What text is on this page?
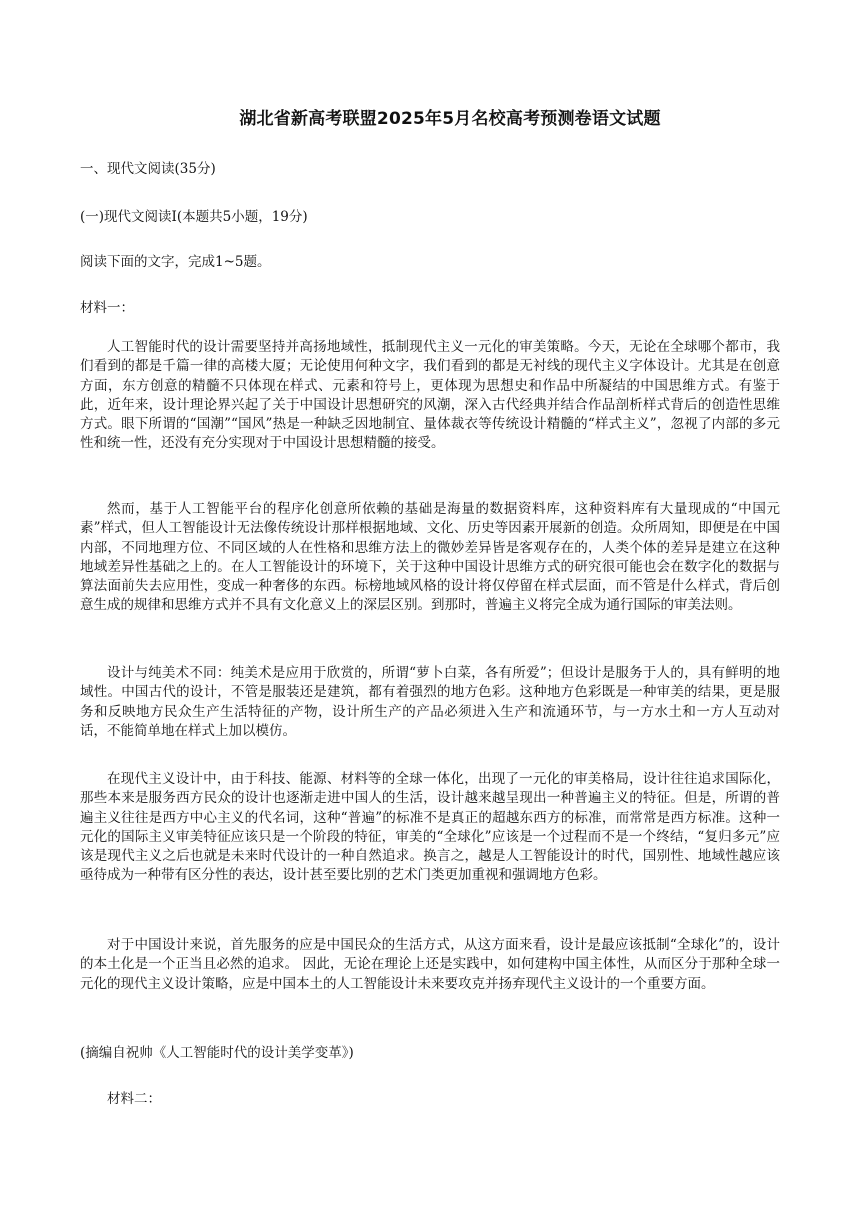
湖北省新高考联盟2025年5月名校高考预测卷语文试题
一、现代文阅读(35分)
(一)现代文阅读Ⅰ(本题共5小题，19分)
阅读下面的文字，完成1~5题。
材料一：

人工智能时代的设计需要坚持并高扬地域性，抵制现代主义一元化的审美策略。今天，无论在全球哪个都市，我们看到的都是千篇一律的高楼大厦；无论使用何种文字，我们看到的都是无衬线的现代主义字体设计。尤其是在创意方面，东方创意的精髓不只体现在样式、元素和符号上，更体现为思想史和作品中所凝结的中国思维方式。有鉴于此，近年来，设计理论界兴起了关于中国设计思想研究的风潮，深入古代经典并结合作品剖析样式背后的创造性思维方式。眼下所谓的“国潮”“国风”热是一种缺乏因地制宜、量体裁衣等传统设计精髓的“样式主义”，忽视了内部的多元性和统一性，还没有充分实现对于中国设计思想精髓的接受。

然而，基于人工智能平台的程序化创意所依赖的基础是海量的数据资料库，这种资料库有大量现成的“中国元素”样式，但人工智能设计无法像传统设计那样根据地域、文化、历史等因素开展新的创造。众所周知，即便是在中国内部，不同地理方位、不同区域的人在性格和思维方法上的微妙差异皆是客观存在的，人类个体的差异是建立在这种地域差异性基础之上的。在人工智能设计的环境下，关于这种中国设计思维方式的研究很可能也会在数字化的数据与算法面前失去应用性，变成一种奢侈的东西。标榜地域风格的设计将仅停留在样式层面，而不管是什么样式，背后创意生成的规律和思维方式并不具有文化意义上的深层区别。到那时，普遍主义将完全成为通行国际的审美法则。

设计与纯美术不同：纯美术是应用于欣赏的，所谓“萝卜白菜，各有所爱”；但设计是服务于人的，具有鲜明的地域性。中国古代的设计，不管是服装还是建筑，都有着强烈的地方色彩。这种地方色彩既是一种审美的结果，更是服务和反映地方民众生产生活特征的产物，设计所生产的产品必须进入生产和流通环节，与一方水土和一方人互动对话，不能简单地在样式上加以模仿。

在现代主义设计中，由于科技、能源、材料等的全球一体化，出现了一元化的审美格局，设计往往追求国际化，那些本来是服务西方民众的设计也逐渐走进中国人的生活，设计越来越呈现出一种普遍主义的特征。但是，所谓的普遍主义往往是西方中心主义的代名词，这种“普遍”的标准不是真正的超越东西方的标准，而常常是西方标准。这种一元化的国际主义审美特征应该只是一个阶段的特征，审美的“全球化”应该是一个过程而不是一个终结，“复归多元”应该是现代主义之后也就是未来时代设计的一种自然追求。换言之，越是人工智能设计的时代，国别性、地域性越应该亟待成为一种带有区分性的表达，设计甚至要比别的艺术门类更加重视和强调地方色彩。

对于中国设计来说，首先服务的应是中国民众的生活方式，从这方面来看，设计是最应该抵制“全球化”的，设计的本土化是一个正当且必然的追求。 因此，无论在理论上还是实践中，如何建构中国主体性，从而区分于那种全球一元化的现代主义设计策略，应是中国本土的人工智能设计未来要攻克并扬弃现代主义设计的一个重要方面。

(摘编自祝帅《人工智能时代的设计美学变革》)
材料二：
